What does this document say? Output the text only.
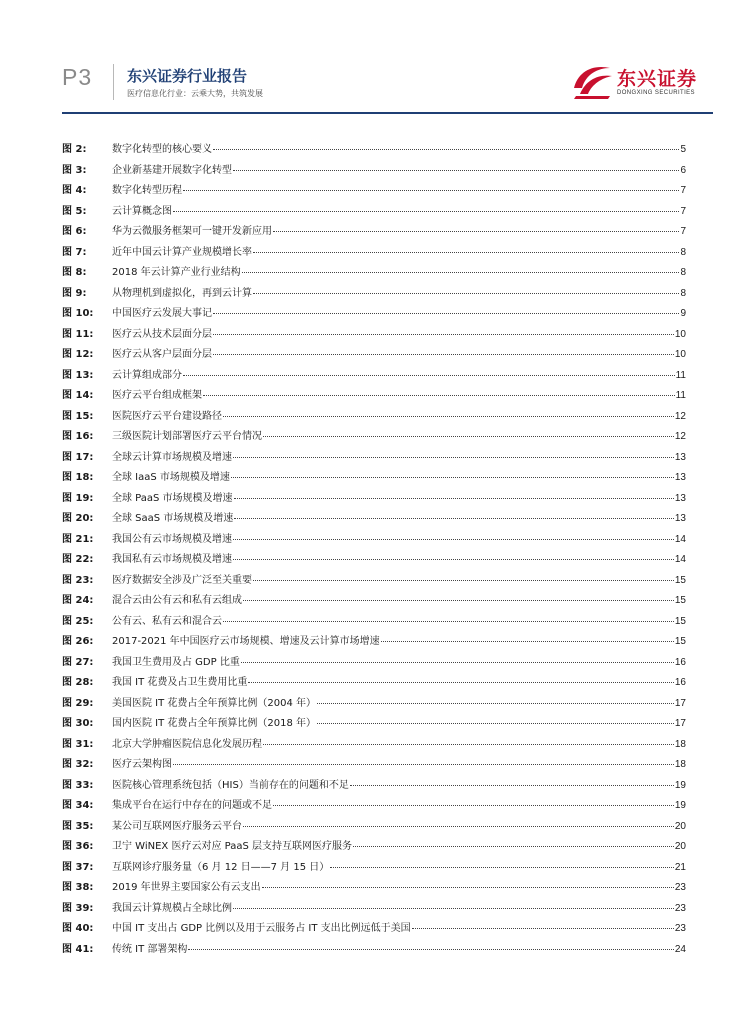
P3 东兴证券行业报告
医疗信息化行业：云乘大势，共筑发展
东兴证券
DONGXING SECURITIES
图 2:	数字化转型的核心要义	5
图 3:	企业新基建开展数字化转型	6
图 4:	数字化转型历程	7
图 5:	云计算概念图	7
图 6:	华为云微服务框架可一键开发新应用	7
图 7:	近年中国云计算产业规模增长率	8
图 8:	2018 年云计算产业行业结构	8
图 9:	从物理机到虚拟化，再到云计算	8
图 10:	中国医疗云发展大事记	9
图 11:	医疗云从技术层面分层	10
图 12:	医疗云从客户层面分层	10
图 13:	云计算组成部分	11
图 14:	医疗云平台组成框架	11
图 15:	医院医疗云平台建设路径	12
图 16:	三级医院计划部署医疗云平台情况	12
图 17:	全球云计算市场规模及增速	13
图 18:	全球 IaaS 市场规模及增速	13
图 19:	全球 PaaS 市场规模及增速	13
图 20:	全球 SaaS 市场规模及增速	13
图 21:	我国公有云市场规模及增速	14
图 22:	我国私有云市场规模及增速	14
图 23:	医疗数据安全涉及广泛至关重要	15
图 24:	混合云由公有云和私有云组成	15
图 25:	公有云、私有云和混合云	15
图 26:	2017-2021 年中国医疗云市场规模、增速及云计算市场增速	15
图 27:	我国卫生费用及占 GDP 比重	16
图 28:	我国 IT 花费及占卫生费用比重	16
图 29:	美国医院 IT 花费占全年预算比例（2004 年）	17
图 30:	国内医院 IT 花费占全年预算比例（2018 年）	17
图 31:	北京大学肿瘤医院信息化发展历程	18
图 32:	医疗云架构图	18
图 33:	医院核心管理系统包括（HIS）当前存在的问题和不足	19
图 34:	集成平台在运行中存在的问题或不足	19
图 35:	某公司互联网医疗服务云平台	20
图 36:	卫宁 WiNEX 医疗云对应 PaaS 层支持互联网医疗服务	20
图 37:	互联网诊疗服务量（6 月 12 日——7 月 15 日）	21
图 38:	2019 年世界主要国家公有云支出	23
图 39:	我国云计算规模占全球比例	23
图 40:	中国 IT 支出占 GDP 比例以及用于云服务占 IT 支出比例远低于美国	23
图 41:	传统 IT 部署架构	24
